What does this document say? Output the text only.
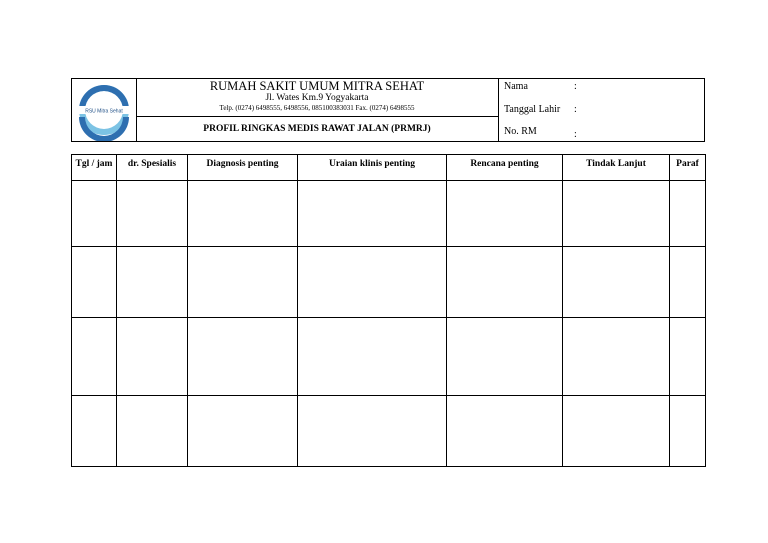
RSU Mitra Sehat
RUMAH SAKIT UMUM MITRA SEHAT
Jl. Wates Km.9 Yogyakarta
Telp. (0274) 6498555, 6498556, 085100383031 Fax. (0274) 6498555
PROFIL RINGKAS MEDIS RAWAT JALAN (PRMRJ)
Nama	:
Tanggal Lahir :
No. RM	:
Tgl / jam	dr. Spesialis	Diagnosis penting	Uraian klinis penting	Rencana penting	Tindak Lanjut	Paraf
